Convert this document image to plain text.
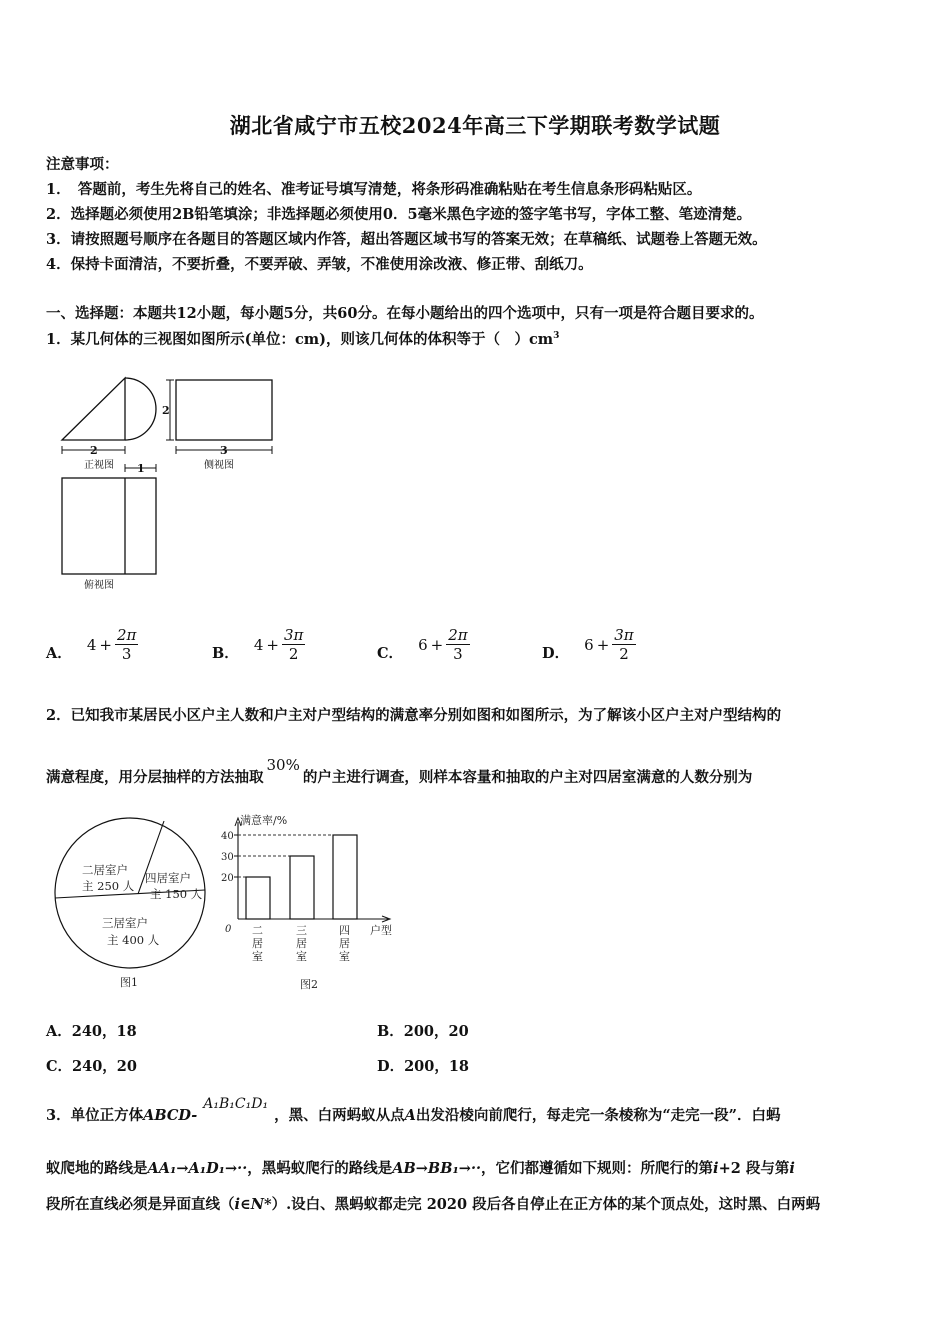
湖北省咸宁市五校2024年高三下学期联考数学试题
注意事项：
1．　答题前，考生先将自己的姓名、准考证号填写清楚，将条形码准确粘贴在考生信息条形码粘贴区。
2．选择题必须使用2B铅笔填涂；非选择题必须使用0．5毫米黑色字迹的签字笔书写，字体工整、笔迹清楚。
3．请按照题号顺序在各题目的答题区域内作答，超出答题区域书写的答案无效；在草稿纸、试题卷上答题无效。
4．保持卡面清洁，不要折叠，不要弄破、弄皱，不准使用涂改液、修正带、刮纸刀。
一、选择题：本题共12小题，每小题5分，共60分。在每小题给出的四个选项中，只有一项是符合题目要求的。
1．某几何体的三视图如图所示(单位：cm)，则该几何体的体积等于（　）$cm^3$
2
正视图
2
3
侧视图
1
俯视图
A． $4 + \frac{2\pi}{3}$	B． $4 + \frac{3\pi}{2}$	C． $6 + \frac{2\pi}{3}$	D． $6 + \frac{3\pi}{2}$
2．已知我市某居民小区户主人数和户主对户型结构的满意率分别如图和如图所示，为了解该小区户主对户型结构的
满意程度，用分层抽样的方法抽取30%的户主进行调查，则样本容量和抽取的户主对四居室满意的人数分别为
二居室户
主 250 人
四居室户
主 150 人
三居室户
主 400 人
图1
满意率/%
户型
0
20
30
40
二
居
室
三
居
室
四
居
室
图2
A．240，18	B．200，20
C．240，20	D．200，18
3．单位正方体ABCD-A₁B₁C₁D₁，黑、白两蚂蚁从点A出发沿棱向前爬行，每走完一条棱称为“走完一段”．白蚂
蚁爬地的路线是AA₁→A₁D₁→··，黑蚂蚁爬行的路线是AB→BB₁→··，它们都遵循如下规则：所爬行的第i+2 段与第i
段所在直线必须是异面直线（i∈N*）.设白、黑蚂蚁都走完 2020 段后各自停止在正方体的某个顶点处，这时黑、白两蚂
